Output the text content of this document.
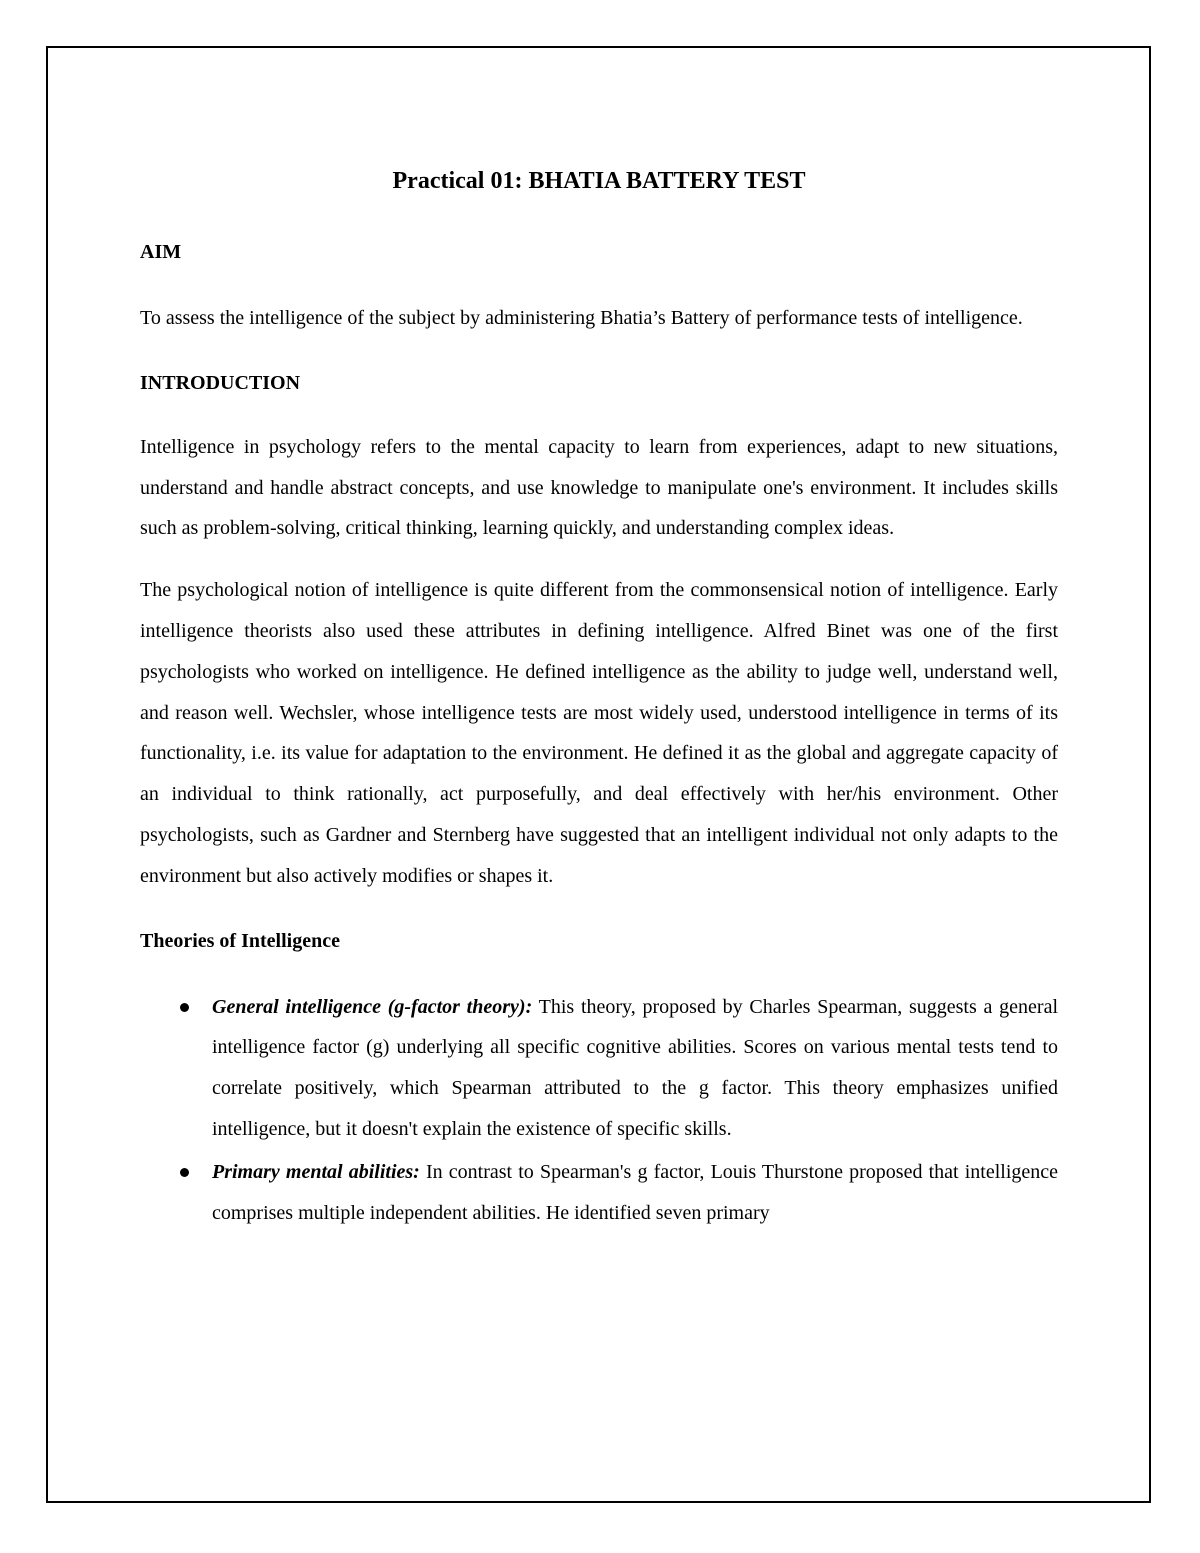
Practical 01: BHATIA BATTERY TEST
AIM

To assess the intelligence of the subject by administering Bhatia’s Battery of performance tests of intelligence.

INTRODUCTION

Intelligence in psychology refers to the mental capacity to learn from experiences, adapt to new situations, understand and handle abstract concepts, and use knowledge to manipulate one's environment. It includes skills such as problem-solving, critical thinking, learning quickly, and understanding complex ideas.

The psychological notion of intelligence is quite different from the commonsensical notion of intelligence. Early intelligence theorists also used these attributes in defining intelligence. Alfred Binet was one of the first psychologists who worked on intelligence. He defined intelligence as the ability to judge well, understand well, and reason well. Wechsler, whose intelligence tests are most widely used, understood intelligence in terms of its functionality, i.e. its value for adaptation to the environment. He defined it as the global and aggregate capacity of an individual to think rationally, act purposefully, and deal effectively with her/his environment. Other psychologists, such as Gardner and Sternberg have suggested that an intelligent individual not only adapts to the environment but also actively modifies or shapes it.

Theories of Intelligence
General intelligence (g-factor theory): This theory, proposed by Charles Spearman, suggests a general intelligence factor (g) underlying all specific cognitive abilities. Scores on various mental tests tend to correlate positively, which Spearman attributed to the g factor. This theory emphasizes unified intelligence, but it doesn't explain the existence of specific skills.
Primary mental abilities: In contrast to Spearman's g factor, Louis Thurstone proposed that intelligence comprises multiple independent abilities. He identified seven primary
